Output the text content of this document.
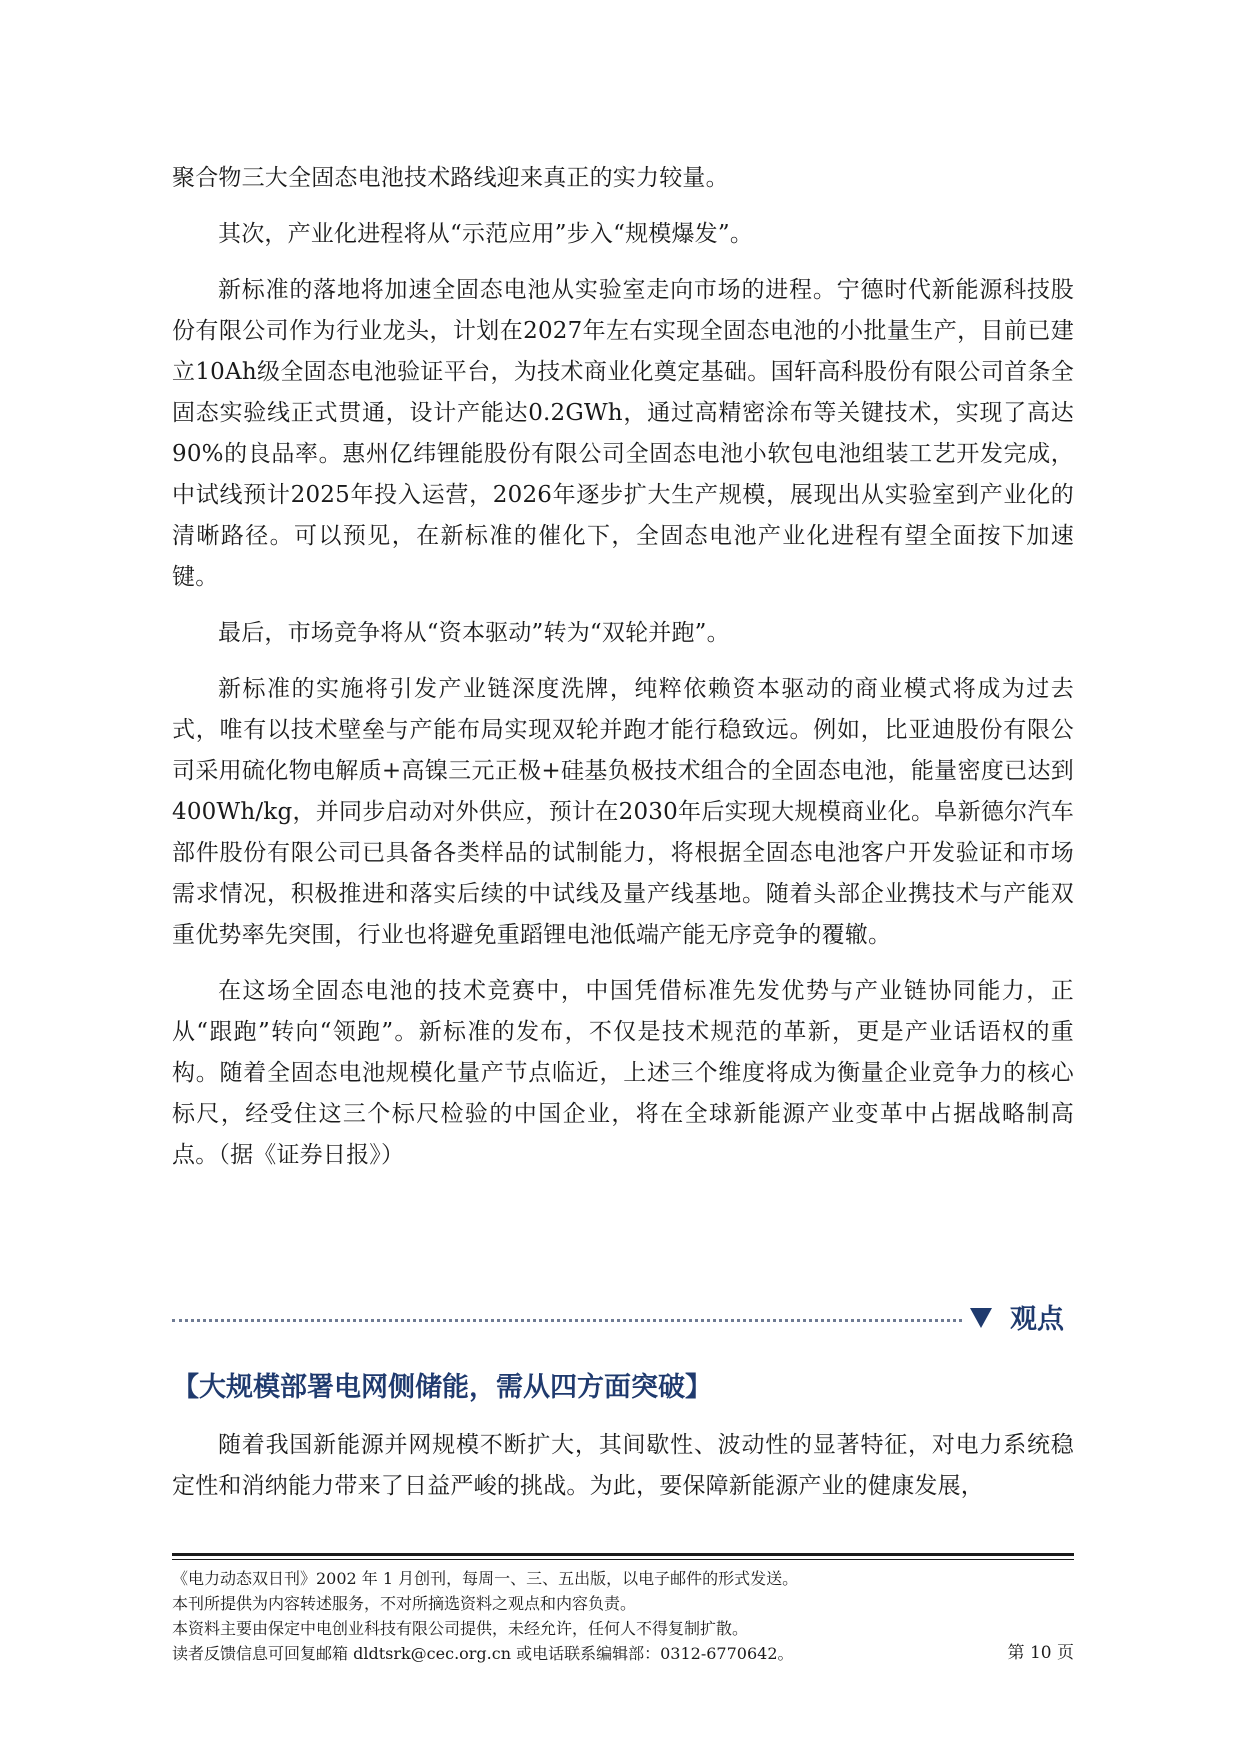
聚合物三大全固态电池技术路线迎来真正的实力较量。

其次，产业化进程将从“示范应用”步入“规模爆发”。

新标准的落地将加速全固态电池从实验室走向市场的进程。宁德时代新能源科技股份有限公司作为行业龙头，计划在2027年左右实现全固态电池的小批量生产，目前已建立10Ah级全固态电池验证平台，为技术商业化奠定基础。国轩高科股份有限公司首条全固态实验线正式贯通，设计产能达0.2GWh，通过高精密涂布等关键技术，实现了高达90%的良品率。惠州亿纬锂能股份有限公司全固态电池小软包电池组装工艺开发完成，中试线预计2025年投入运营，2026年逐步扩大生产规模，展现出从实验室到产业化的清晰路径。可以预见，在新标准的催化下，全固态电池产业化进程有望全面按下加速键。

最后，市场竞争将从“资本驱动”转为“双轮并跑”。

新标准的实施将引发产业链深度洗牌，纯粹依赖资本驱动的商业模式将成为过去式，唯有以技术壁垒与产能布局实现双轮并跑才能行稳致远。例如，比亚迪股份有限公司采用硫化物电解质+高镍三元正极+硅基负极技术组合的全固态电池，能量密度已达到400Wh/kg，并同步启动对外供应，预计在2030年后实现大规模商业化。阜新德尔汽车部件股份有限公司已具备各类样品的试制能力，将根据全固态电池客户开发验证和市场需求情况，积极推进和落实后续的中试线及量产线基地。随着头部企业携技术与产能双重优势率先突围，行业也将避免重蹈锂电池低端产能无序竞争的覆辙。

在这场全固态电池的技术竞赛中，中国凭借标准先发优势与产业链协同能力，正从“跟跑”转向“领跑”。新标准的发布，不仅是技术规范的革新，更是产业话语权的重构。随着全固态电池规模化量产节点临近，上述三个维度将成为衡量企业竞争力的核心标尺，经受住这三个标尺检验的中国企业，将在全球新能源产业变革中占据战略制高点。（据《证券日报》）

观点
【大规模部署电网侧储能，需从四方面突破】

随着我国新能源并网规模不断扩大，其间歇性、波动性的显著特征，对电力系统稳定性和消纳能力带来了日益严峻的挑战。为此，要保障新能源产业的健康发展，

《电力动态双日刊》2002 年 1 月创刊，每周一、三、五出版，以电子邮件的形式发送。
本刊所提供为内容转述服务，不对所摘选资料之观点和内容负责。
本资料主要由保定中电创业科技有限公司提供，未经允许，任何人不得复制扩散。
读者反馈信息可回复邮箱 dldtsrk@cec.org.cn 或电话联系编辑部：0312-6770642。	第 10 页
